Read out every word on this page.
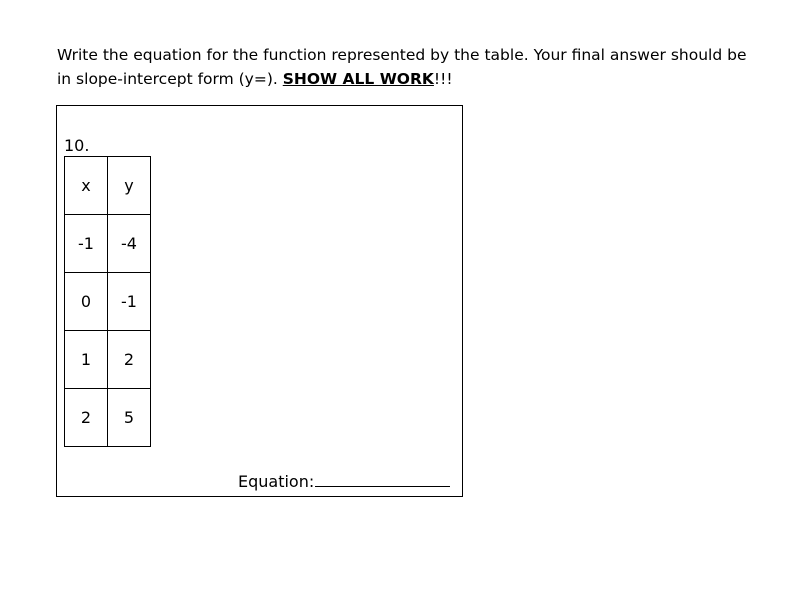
Write the equation for the function represented by the table. Your final answer should be
in slope-intercept form (y=). SHOW ALL WORK!!!

10.
x	y
-1	-4
0	-1
1	2
2	5
Equation:
